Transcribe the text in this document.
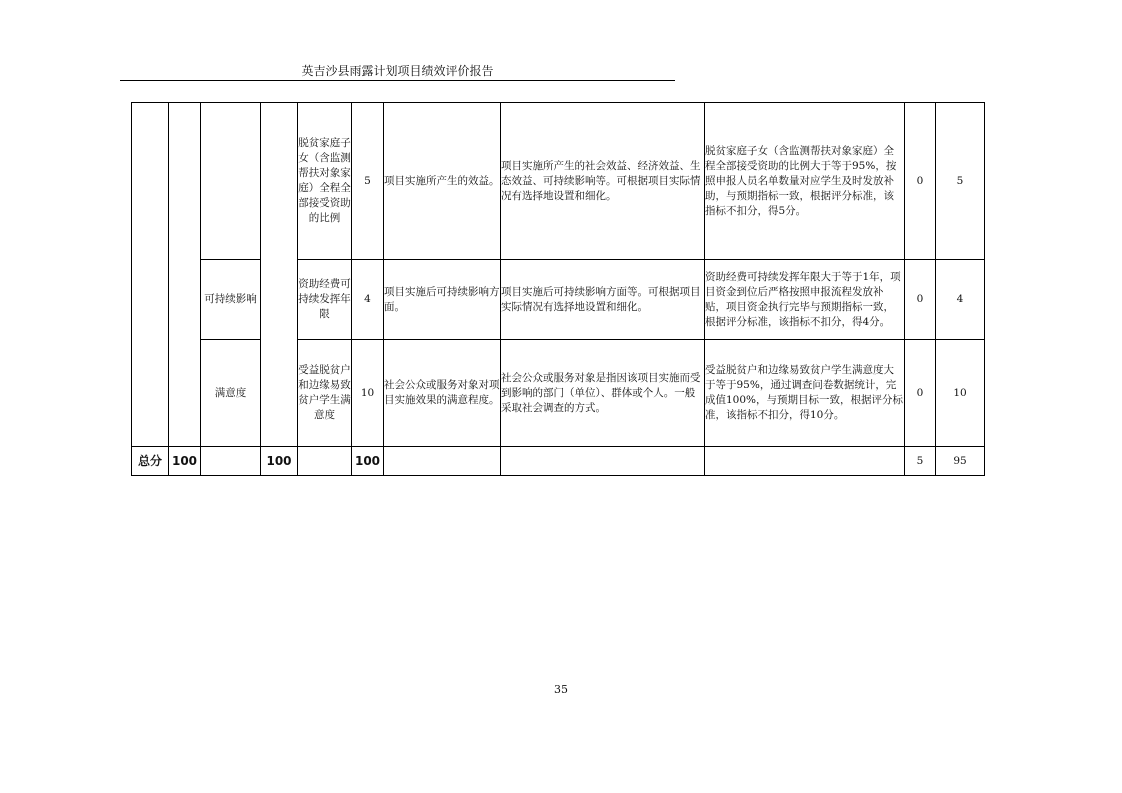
英吉沙县雨露计划项目绩效评价报告
				脱贫家庭子女（含监测帮扶对象家庭）全程全部接受资助的比例	5	项目实施所产生的效益。	项目实施所产生的社会效益、经济效益、生态效益、可持续影响等。可根据项目实际情况有选择地设置和细化。	脱贫家庭子女（含监测帮扶对象家庭）全程全部接受资助的比例大于等于95%，按照申报人员名单数量对应学生及时发放补助，与预期指标一致，根据评分标准，该指标不扣分，得5分。	0	5
		可持续影响		资助经费可持续发挥年限	4	项目实施后可持续影响方面。	项目实施后可持续影响方面等。可根据项目实际情况有选择地设置和细化。	资助经费可持续发挥年限大于等于1年，项目资金到位后严格按照申报流程发放补贴，项目资金执行完毕与预期指标一致，根据评分标准，该指标不扣分，得4分。	0	4
		满意度		受益脱贫户和边缘易致贫户学生满意度	10	社会公众或服务对象对项目实施效果的满意程度。	社会公众或服务对象是指因该项目实施而受到影响的部门（单位）、群体或个人。一般采取社会调查的方式。	受益脱贫户和边缘易致贫户学生满意度大于等于95%，通过调查问卷数据统计，完成值100%，与预期目标一致，根据评分标准，该指标不扣分，得10分。	0	10
总分	100		100		100				5	95
35
